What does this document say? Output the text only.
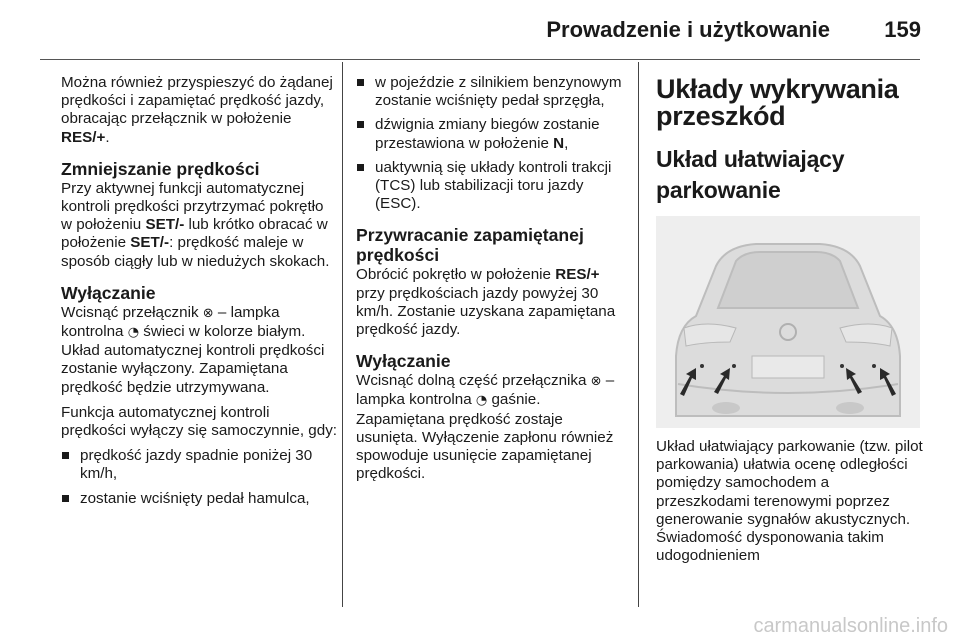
Prowadzenie i użytkowanie 159

Można również przyspieszyć do żądanej prędkości i zapamiętać prędkość jazdy, obracając przełącznik w położenie RES/+.

Zmniejszanie prędkości

Przy aktywnej funkcji automatycznej kontroli prędkości przytrzymać pokrętło w położeniu SET/- lub krótko obracać w położenie SET/-: prędkość maleje w sposób ciągły lub w niedużych skokach.

Wyłączanie

Wcisnąć przełącznik ⊗ – lampka kontrolna ◔ świeci w kolorze białym. Układ automatycznej kontroli prędkości zostanie wyłączony. Zapamiętana prędkość będzie utrzymywana.

Funkcja automatycznej kontroli prędkości wyłączy się samoczynnie, gdy:

prędkość jazdy spadnie poniżej 30 km/h,
zostanie wciśnięty pedał hamulca,
w pojeździe z silnikiem benzynowym zostanie wciśnięty pedał sprzęgła,
dźwignia zmiany biegów zostanie przestawiona w położenie N,
uaktywnią się układy kontroli trakcji (TCS) lub stabilizacji toru jazdy (ESC).
Przywracanie zapamiętanej prędkości

Obrócić pokrętło w położenie RES/+ przy prędkościach jazdy powyżej 30 km/h. Zostanie uzyskana zapamiętana prędkość jazdy.

Wyłączanie

Wcisnąć dolną część przełącznika ⊗ – lampka kontrolna ◔ gaśnie. Zapamiętana prędkość zostaje usunięta. Wyłączenie zapłonu również spowoduje usunięcie zapamiętanej prędkości.

Układy wykrywania przeszkód
Układ ułatwiający parkowanie

Układ ułatwiający parkowanie (tzw. pilot parkowania) ułatwia ocenę odległości pomiędzy samochodem a przeszkodami terenowymi poprzez generowanie sygnałów akustycznych. Świadomość dysponowania takim udogodnieniem

carmanualsonline.info
